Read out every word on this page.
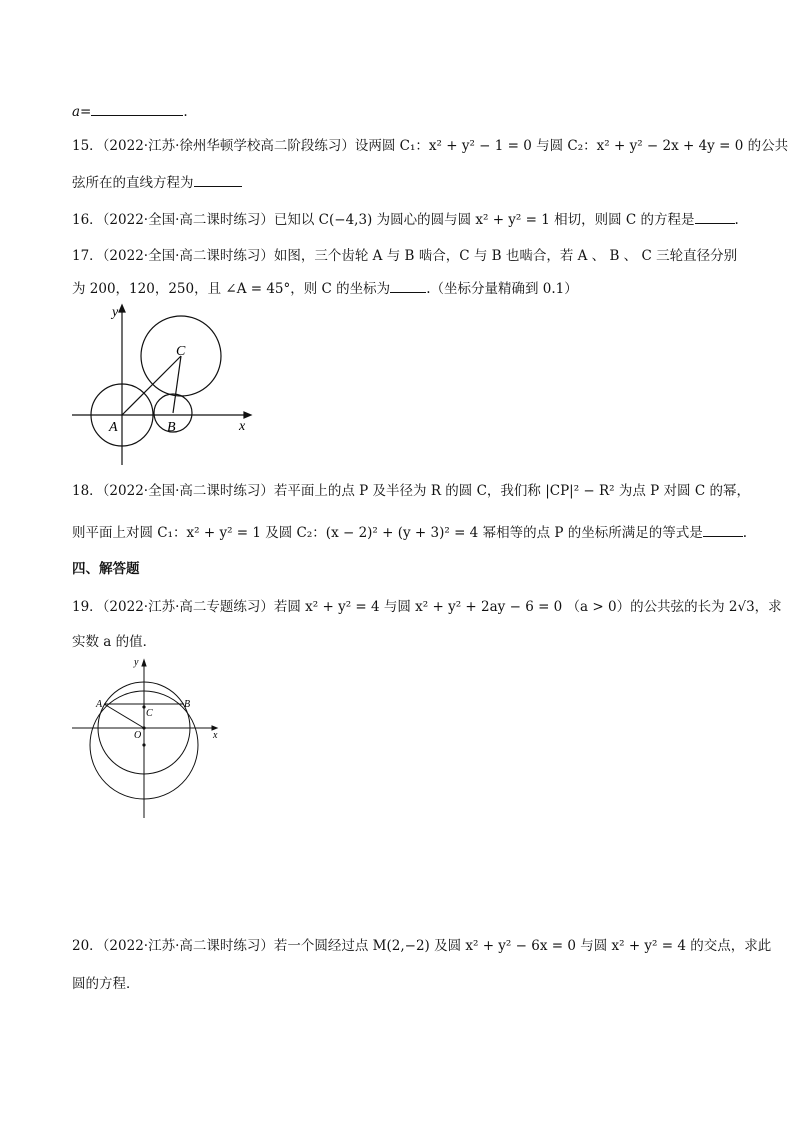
a=	.
15．（2022·江苏·徐州华顿学校高二阶段练习）设两圆 C₁：x² + y² − 1 = 0 与圆 C₂：x² + y² − 2x + 4y = 0 的公共
弦所在的直线方程为
16．（2022·全国·高二课时练习）已知以 C(−4,3) 为圆心的圆与圆 x² + y² = 1 相切，则圆 C 的方程是	.
17．（2022·全国·高二课时练习）如图，三个齿轮 A 与 B 啮合，C 与 B 也啮合，若 A 、 B 、 C 三轮直径分别
为 200，120，250，且 ∠A = 45°，则 C 的坐标为	.（坐标分量精确到 0.1）
y
x
A	B
C
18．（2022·全国·高二课时练习）若平面上的点 P 及半径为 R 的圆 C，我们称 |CP|² − R² 为点 P 对圆 C 的幂，
则平面上对圆 C₁：x² + y² = 1 及圆 C₂：(x − 2)² + (y + 3)² = 4 幂相等的点 P 的坐标所满足的等式是	.
四、解答题
19．（2022·江苏·高二专题练习）若圆 x² + y² = 4 与圆 x² + y² + 2ay − 6 = 0 （a > 0）的公共弦的长为 2√3，求
实数 a 的值．
y
x
A	B
C
O
20．（2022·江苏·高二课时练习）若一个圆经过点 M(2,−2) 及圆 x² + y² − 6x = 0 与圆 x² + y² = 4 的交点，求此
圆的方程．
